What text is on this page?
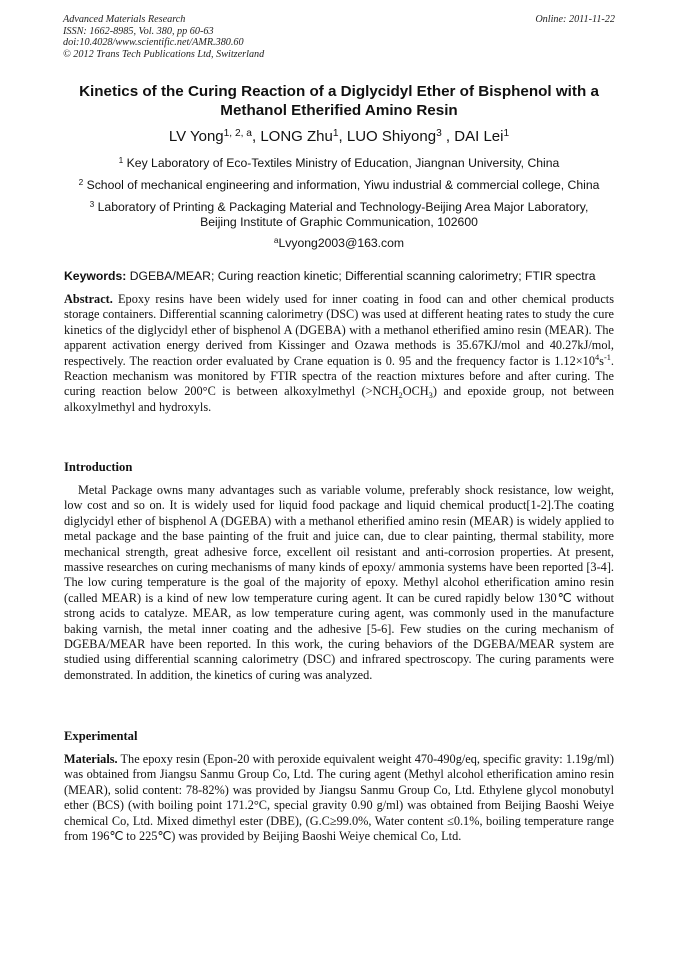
Advanced Materials Research
ISSN: 1662-8985, Vol. 380, pp 60-63
doi:10.4028/www.scientific.net/AMR.380.60
© 2012 Trans Tech Publications Ltd, Switzerland
Online: 2011-11-22
Kinetics of the Curing Reaction of a Diglycidyl Ether of Bisphenol with a
Methanol Etherified Amino Resin
LV Yong$^{1, 2, a}$, LONG Zhu$^1$, LUO Shiyong$^3$ , DAI Lei$^1$
$^1$ Key Laboratory of Eco-Textiles Ministry of Education, Jiangnan University, China
$^2$ School of mechanical engineering and information, Yiwu industrial & commercial college, China
$^3$ Laboratory of Printing & Packaging Material and Technology-Beijing Area Major Laboratory,
Beijing Institute of Graphic Communication, 102600
$^a$Lvyong2003@163.com
Keywords: DGEBA/MEAR; Curing reaction kinetic; Differential scanning calorimetry; FTIR spectra
Abstract. Epoxy resins have been widely used for inner coating in food can and other chemical products storage containers. Differential scanning calorimetry (DSC) was used at different heating rates to study the cure kinetics of the diglycidyl ether of bisphenol A (DGEBA) with a methanol etherified amino resin (MEAR). The apparent activation energy derived from Kissinger and Ozawa methods is 35.67KJ/mol and 40.27kJ/mol, respectively. The reaction order evaluated by Crane equation is 0. 95 and the frequency factor is $1.12\times 10^4s^{-1}$. Reaction mechanism was monitored by FTIR spectra of the reaction mixtures before and after curing. The curing reaction below 200°C is between alkoxylmethyl $(>NCH_2OCH_3)$ and epoxide group, not between alkoxylmethyl and hydroxyls.
Introduction
Metal Package owns many advantages such as variable volume, preferably shock resistance, low weight, low cost and so on. It is widely used for liquid food package and liquid chemical product[1-2].The coating diglycidyl ether of bisphenol A (DGEBA) with a methanol etherified amino resin (MEAR) is widely applied to metal package and the base painting of the fruit and juice can, due to clear painting, thermal stability, more mechanical strength, great adhesive force, excellent oil resistant and anti-corrosion properties. At present, massive researches on curing mechanisms of many kinds of epoxy/ ammonia systems have been reported [3-4]. The low curing temperature is the goal of the majority of epoxy. Methyl alcohol etherification amino resin (called MEAR) is a kind of new low temperature curing agent. It can be cured rapidly below 130℃ without strong acids to catalyze. MEAR, as low temperature curing agent, was commonly used in the manufacture baking varnish, the metal inner coating and the adhesive [5-6]. Few studies on the curing mechanism of DGEBA/MEAR have been reported. In this work, the curing behaviors of the DGEBA/MEAR system are studied using differential scanning calorimetry (DSC) and infrared spectroscopy. The curing paraments were demonstrated. In addition, the kinetics of curing was analyzed.
Experimental
Materials. The epoxy resin (Epon-20 with peroxide equivalent weight 470-490g/eq, specific gravity: 1.19g/ml) was obtained from Jiangsu Sanmu Group Co, Ltd. The curing agent (Methyl alcohol etherification amino resin (MEAR), solid content: 78-82%) was provided by Jiangsu Sanmu Group Co, Ltd. Ethylene glycol monobutyl ether (BCS) (with boiling point 171.2°C, special gravity 0.90 g/ml) was obtained from Beijing Baoshi Weiye chemical Co, Ltd. Mixed dimethyl ester (DBE), (G.C≥99.0%, Water content ≤0.1%, boiling temperature range from 196℃ to 225℃) was provided by Beijing Baoshi Weiye chemical Co, Ltd.
